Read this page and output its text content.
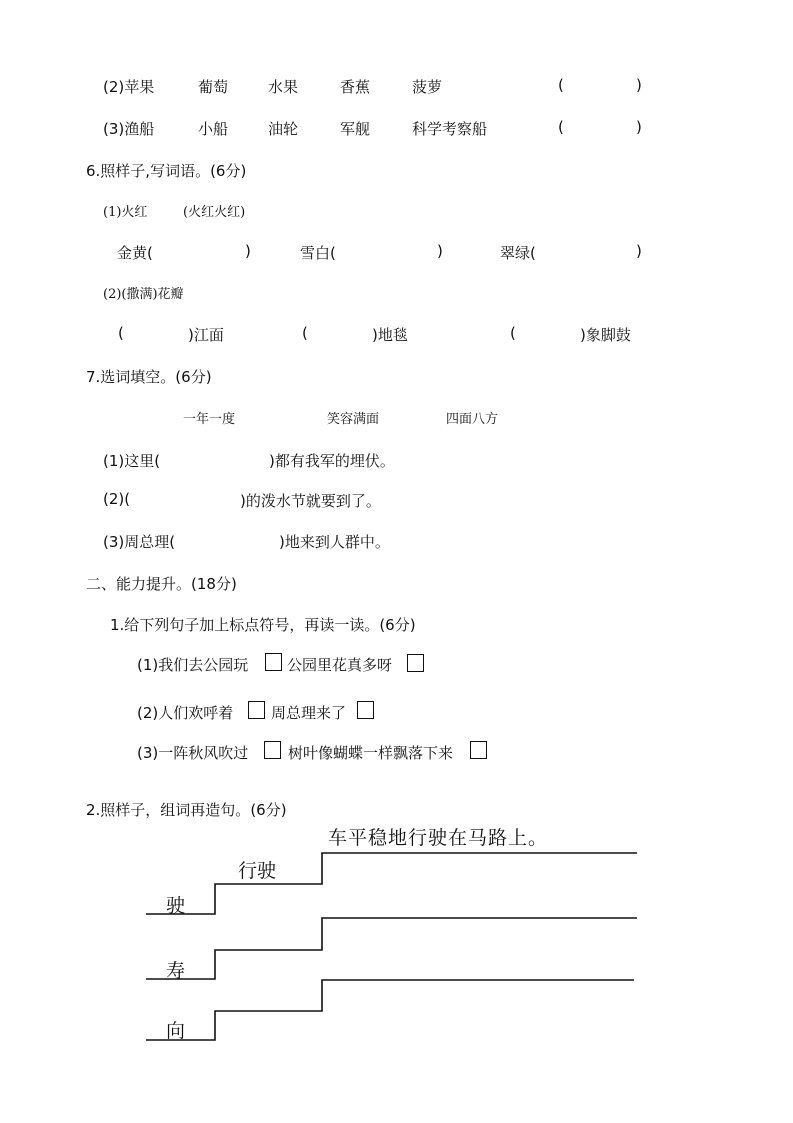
(2)苹果	葡萄	水果	香蕉	菠萝	(	)
(3)渔船	小船	油轮	军舰	科学考察船	(	)
6.照样子,写词语。(6分)
(1)火红	(火红火红)
金黄(	)	雪白(	)	翠绿(	)
(2)(撒满)花瓣
(	)江面	(	)地毯	(	)象脚鼓
7.选词填空。(6分)
一年一度	笑容满面	四面八方
(1)这里(	)都有我军的埋伏。
(2)(	)的泼水节就要到了。
(3)周总理(	)地来到人群中。
二、能力提升。(18分)
1.给下列句子加上标点符号，再读一读。(6分)
(1)我们去公园玩	公园里花真多呀
(2)人们欢呼着	周总理来了
(3)一阵秋风吹过	树叶像蝴蝶一样飘落下来
2.照样子，组词再造句。(6分)
车平稳地行驶在马路上。
行驶
驶
寿
向
